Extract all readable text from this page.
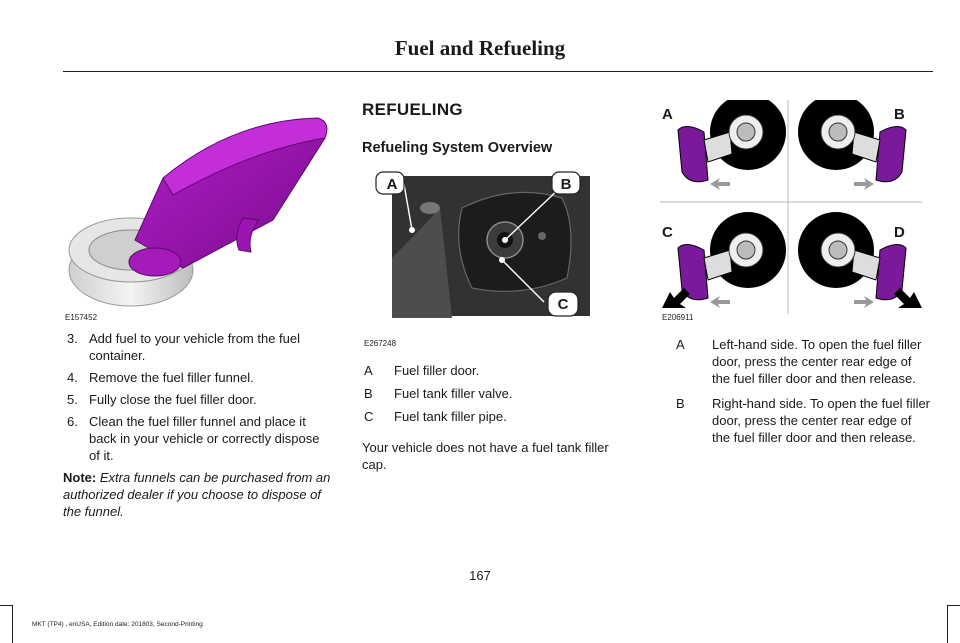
Fuel and Refueling
E157452
3. Add fuel to your vehicle from the fuel container.
4. Remove the fuel filler funnel.
5. Fully close the fuel filler door.
6. Clean the fuel filler funnel and place it back in your vehicle or correctly dispose of it.
Note: Extra funnels can be purchased from an authorized dealer if you choose to dispose of the funnel.
REFUELING
Refueling System Overview
A	B
C
E267248
A	Fuel filler door.
B	Fuel tank filler valve.
C	Fuel tank filler pipe.
Your vehicle does not have a fuel tank filler cap.
A	B
C	D
E206911
A	Left-hand side. To open the fuel filler door, press the center rear edge of the fuel filler door and then release.
B	Right-hand side. To open the fuel filler door, press the center rear edge of the fuel filler door and then release.
167
MKT (TP4) , enUSA, Edition date: 201803, Second-Printing
